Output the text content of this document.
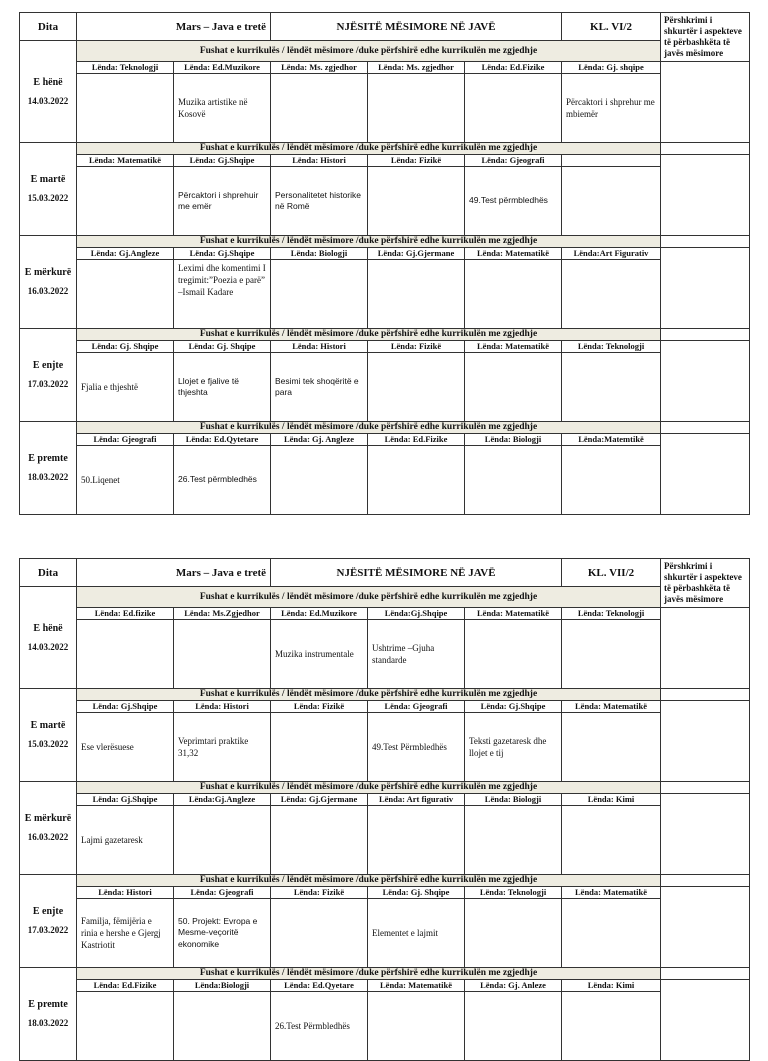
Dita	Mars – Java e tretë		NJËSITË MËSIMORE NË JAVË			KL. VI/2	Përshkrimi i shkurtër i aspekteve të përbashkëta të javës mësimore

E hënë
14.03.2022	Fushat e kurrikulës / lëndët mësimore /duke përfshirë edhe kurrikulën me zgjedhje						
	Lënda: Teknologji	Lënda: Ed.Muzikore	Lënda: Ms. zgjedhor	Lënda: Ms. zgjedhor	Lënda: Ed.Fizike	Lënda: Gj. shqipe	
		Muzika artistike në Kosovë				Përcaktori i shprehur me mbiemër	

E martë
15.03.2022	Fushat e kurrikulës / lëndët mësimore /duke përfshirë edhe kurrikulën me zgjedhje						
	Lënda: Matematikë	Lënda: Gj.Shqipe	Lënda: Histori	Lënda: Fizikë	Lënda: Gjeografi		
		Përcaktori i shprehuir me emër	Personalitetet historike në Romë		49.Test përmbledhës		

E mërkurë
16.03.2022	Fushat e kurrikulës / lëndët mësimore /duke përfshirë edhe kurrikulën me zgjedhje						
	Lënda: Gj.Angleze	Lënda: Gj.Shqipe	Lënda: Biologji	Lënda: Gj.Gjermane	Lënda: Matematikë	Lënda:Art Figurativ	
		Leximi dhe komentimi I tregimit:”Poezia e parë” –Ismail Kadare					

E enjte
17.03.2022	Fushat e kurrikulës / lëndët mësimore /duke përfshirë edhe kurrikulën me zgjedhje						
	Lënda: Gj. Shqipe	Lënda: Gj. Shqipe	Lënda: Histori	Lënda: Fizikë	Lënda: Matematikë	Lënda: Teknologji	
	Fjalia e thjeshtë	Llojet e fjalive të thjeshta	Besimi tek shoqëritë e para				

E premte
18.03.2022	Fushat e kurrikulës / lëndët mësimore /duke përfshirë edhe kurrikulën me zgjedhje						
	Lënda: Gjeografi	Lënda: Ed.Qytetare	Lënda: Gj. Angleze	Lënda: Ed.Fizike	Lënda: Biologji	Lënda:Matemtikë	
	50.Liqenet	26.Test përmbledhës					
Dita	Mars – Java e tretë		NJËSITË MËSIMORE NË JAVË			KL. VII/2	Përshkrimi i shkurtër i aspekteve të përbashkëta të javës mësimore

E hënë
14.03.2022	Fushat e kurrikulës / lëndët mësimore /duke përfshirë edhe kurrikulën me zgjedhje						
	Lënda: Ed.fizike	Lënda: Ms.Zgjedhor	Lënda: Ed.Muzikore	Lënda:Gj.Shqipe	Lënda: Matematikë	Lënda: Teknologji	
			Muzika instrumentale	Ushtrime –Gjuha standarde			

E martë
15.03.2022	Fushat e kurrikulës / lëndët mësimore /duke përfshirë edhe kurrikulën me zgjedhje						
	Lënda: Gj.Shqipe	Lënda: Histori	Lënda: Fizikë	Lënda: Gjeografi	Lënda: Gj.Shqipe	Lënda: Matematikë	
	Ese vlerësuese	Veprimtari praktike 31,32		49.Test Përmbledhës	Teksti gazetaresk dhe llojet e tij		

E mërkurë
16.03.2022	Fushat e kurrikulës / lëndët mësimore /duke përfshirë edhe kurrikulën me zgjedhje						
	Lënda: Gj.Shqipe	Lënda:Gj.Angleze	Lënda: Gj.Gjermane	Lënda: Art figurativ	Lënda: Biologji	Lënda: Kimi	
	Lajmi gazetaresk						

E enjte
17.03.2022	Fushat e kurrikulës / lëndët mësimore /duke përfshirë edhe kurrikulën me zgjedhje						
	Lënda: Histori	Lënda: Gjeografi	Lënda: Fizikë	Lënda: Gj. Shqipe	Lënda: Teknologji	Lënda: Matematikë	
	Familja, fëmijëria e rinia e hershe e Gjergj Kastriotit	50. Projekt: Evropa e Mesme-veçoritë ekonomike		Elementet e lajmit			

E premte
18.03.2022	Fushat e kurrikulës / lëndët mësimore /duke përfshirë edhe kurrikulën me zgjedhje						
	Lënda: Ed.Fizike	Lënda:Biologji	Lënda: Ed.Qyetare	Lënda: Matematikë	Lënda: Gj. Anleze	Lënda: Kimi	
			26.Test Përmbledhës				
